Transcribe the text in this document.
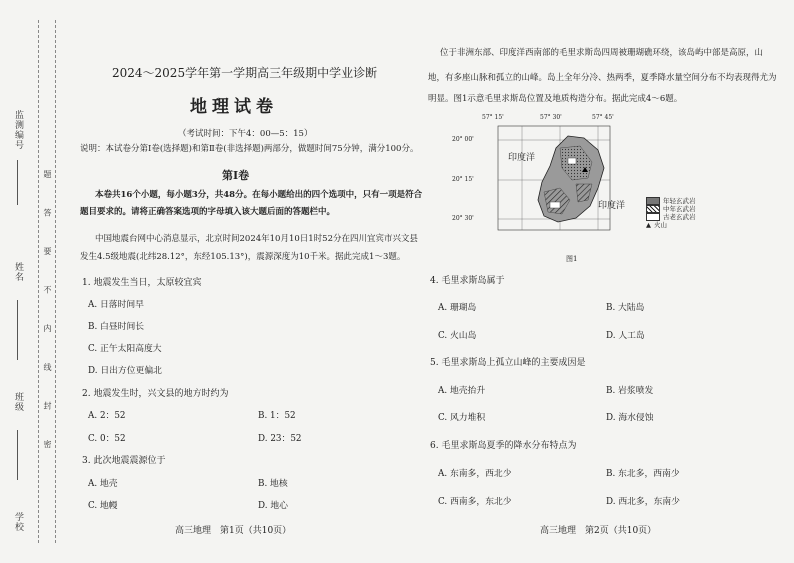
监测编号
姓名
班级
学校
题 答 要 不 内 线 封 密
2024～2025学年第一学期高三年级期中学业诊断
地理试卷
（考试时间：下午4：00—5：15）
说明：本试卷分第Ⅰ卷(选择题)和第Ⅱ卷(非选择题)两部分，做题时间75分钟，满分100分。
第Ⅰ卷
本卷共16个小题，每小题3分，共48分。在每小题给出的四个选项中，只有一项是符合
题目要求的。请将正确答案选项的字母填入该大题后面的答题栏中。
中国地震台网中心消息显示，北京时间2024年10月10日1时52分在四川宜宾市兴文县
发生4.5级地震(北纬28.12°，东经105.13°)，震源深度为10千米。据此完成1～3题。
1. 地震发生当日，太原较宜宾
A. 日落时间早
B. 白昼时间长
C. 正午太阳高度大
D. 日出方位更偏北
2. 地震发生时，兴文县的地方时约为
A. 2：52	B. 1：52
C. 0：52	D. 23：52
3. 此次地震震源位于
A. 地壳	B. 地核
C. 地幔	D. 地心
高三地理　第1页（共10页）
位于非洲东部、印度洋西南部的毛里求斯岛四周被珊瑚礁环绕，该岛屿中部是高原，山
地，有多座山脉和孤立的山峰。岛上全年分冷、热两季，夏季降水量空间分布不均表现得尤为
明显。图1示意毛里求斯岛位置及地质构造分布。据此完成4～6题。
57° 15'	57° 30'	57° 45'
20° 00'
20° 15'
20° 30'
印度洋
印度洋	年轻玄武岩
中年玄武岩
古老玄武岩
▲ 火山
图1
4. 毛里求斯岛属于
A. 珊瑚岛	B. 大陆岛
C. 火山岛	D. 人工岛
5. 毛里求斯岛上孤立山峰的主要成因是
A. 地壳抬升	B. 岩浆喷发
C. 风力堆积	D. 海水侵蚀
6. 毛里求斯岛夏季的降水分布特点为
A. 东南多，西北少	B. 东北多，西南少
C. 西南多，东北少	D. 西北多，东南少
高三地理　第2页（共10页）
